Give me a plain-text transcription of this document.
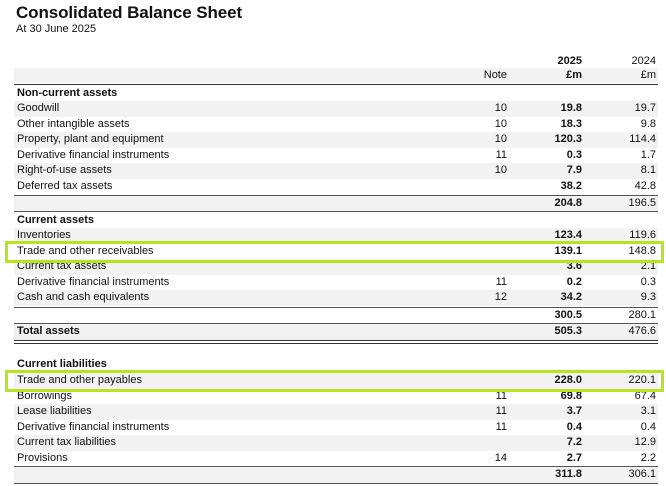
Consolidated Balance Sheet
At 30 June 2025
2025	2024
Note	£m	£m
Non-current assets
Goodwill	10	19.8	19.7
Other intangible assets	10	18.3	9.8
Property, plant and equipment	10	120.3	114.4
Derivative financial instruments	11	0.3	1.7
Right-of-use assets	10	7.9	8.1
Deferred tax assets	38.2	42.8
204.8	196.5
Current assets
Inventories	123.4	119.6
Trade and other receivables	139.1	148.8
Current tax assets	3.6	2.1
Derivative financial instruments	11	0.2	0.3
Cash and cash equivalents	12	34.2	9.3
300.5	280.1
Total assets	505.3	476.6
Current liabilities
Trade and other payables	228.0	220.1
Borrowings	11	69.8	67.4
Lease liabilities	11	3.7	3.1
Derivative financial instruments	11	0.4	0.4
Current tax liabilities	7.2	12.9
Provisions	14	2.7	2.2
311.8	306.1
